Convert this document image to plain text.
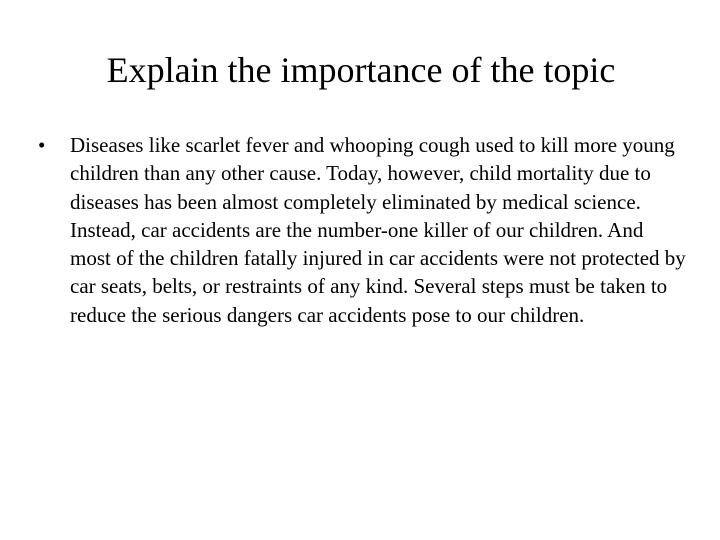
Explain the importance of the topic
• Diseases like scarlet fever and whooping cough used to kill more young children than any other cause. Today, however, child mortality due to diseases has been almost completely eliminated by medical science. Instead, car accidents are the number-one killer of our children. And most of the children fatally injured in car accidents were not protected by car seats, belts, or restraints of any kind. Several steps must be taken to reduce the serious dangers car accidents pose to our children.
